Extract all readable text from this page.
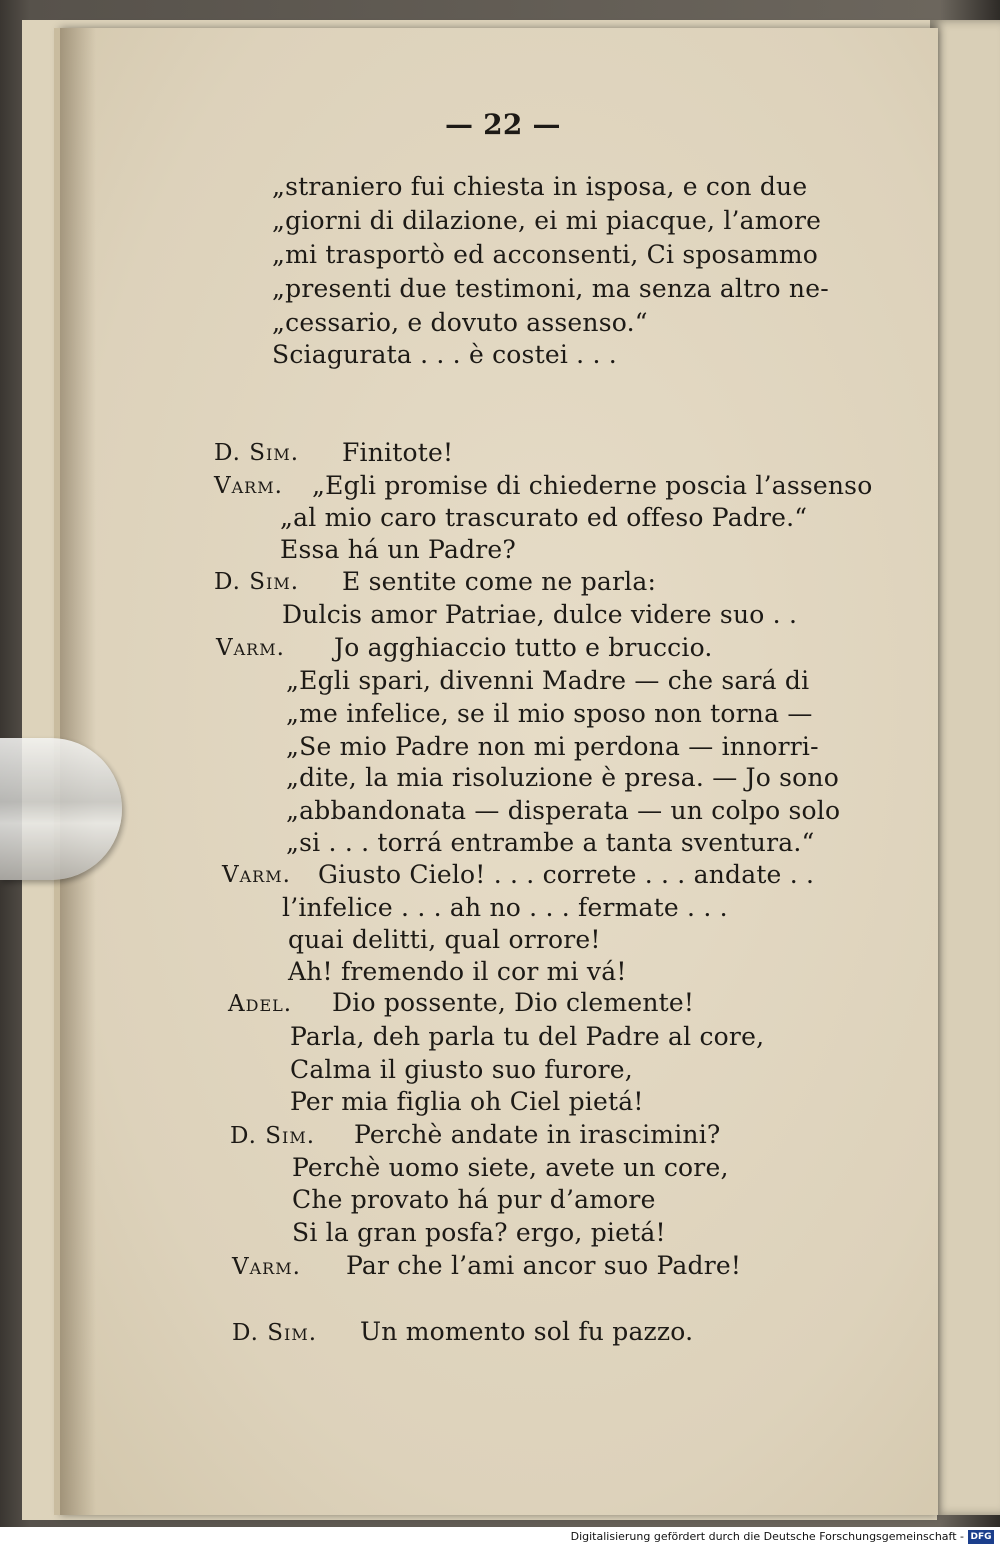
— 22 —
„straniero fui chiesta in isposa, e con due
„giorni di dilazione, ei mi piacque, l’amore
„mi trasportò ed acconsenti, Ci sposammo
„presenti due testimoni, ma senza altro ne-
„cessario, e dovuto assenso.“
Sciagurata . . . è costei . . .
D. Sim. Finitote!
Varm. „Egli promise di chiederne poscia l’assenso
„al mio caro trascurato ed offeso Padre.“
Essa há un Padre?
D. Sim. E sentite come ne parla:
Dulcis amor Patriae, dulce videre suo . .
Varm. Jo agghiaccio tutto e bruccio.
„Egli spari, divenni Madre — che sará di
„me infelice, se il mio sposo non torna —
„Se mio Padre non mi perdona — innorri-
„dite, la mia risoluzione è presa. — Jo sono
„abbandonata — disperata — un colpo solo
„si . . . torrá entrambe a tanta sventura.“
Varm. Giusto Cielo! . . . correte . . . andate . .
l’infelice . . . ah no . . . fermate . . .
quai delitti, qual orrore!
Ah! fremendo il cor mi vá!
Adel. Dio possente, Dio clemente!
Parla, deh parla tu del Padre al core,
Calma il giusto suo furore,
Per mia figlia oh Ciel pietá!
D. Sim. Perchè andate in irascimini?
Perchè uomo siete, avete un core,
Che provato há pur d’amore
Si la gran posfa? ergo, pietá!
Varm. Par che l’ami ancor suo Padre!
D. Sim. Un momento sol fu pazzo.
Digitalisierung gefördert durch die Deutsche Forschungsgemeinschaft - DFG
